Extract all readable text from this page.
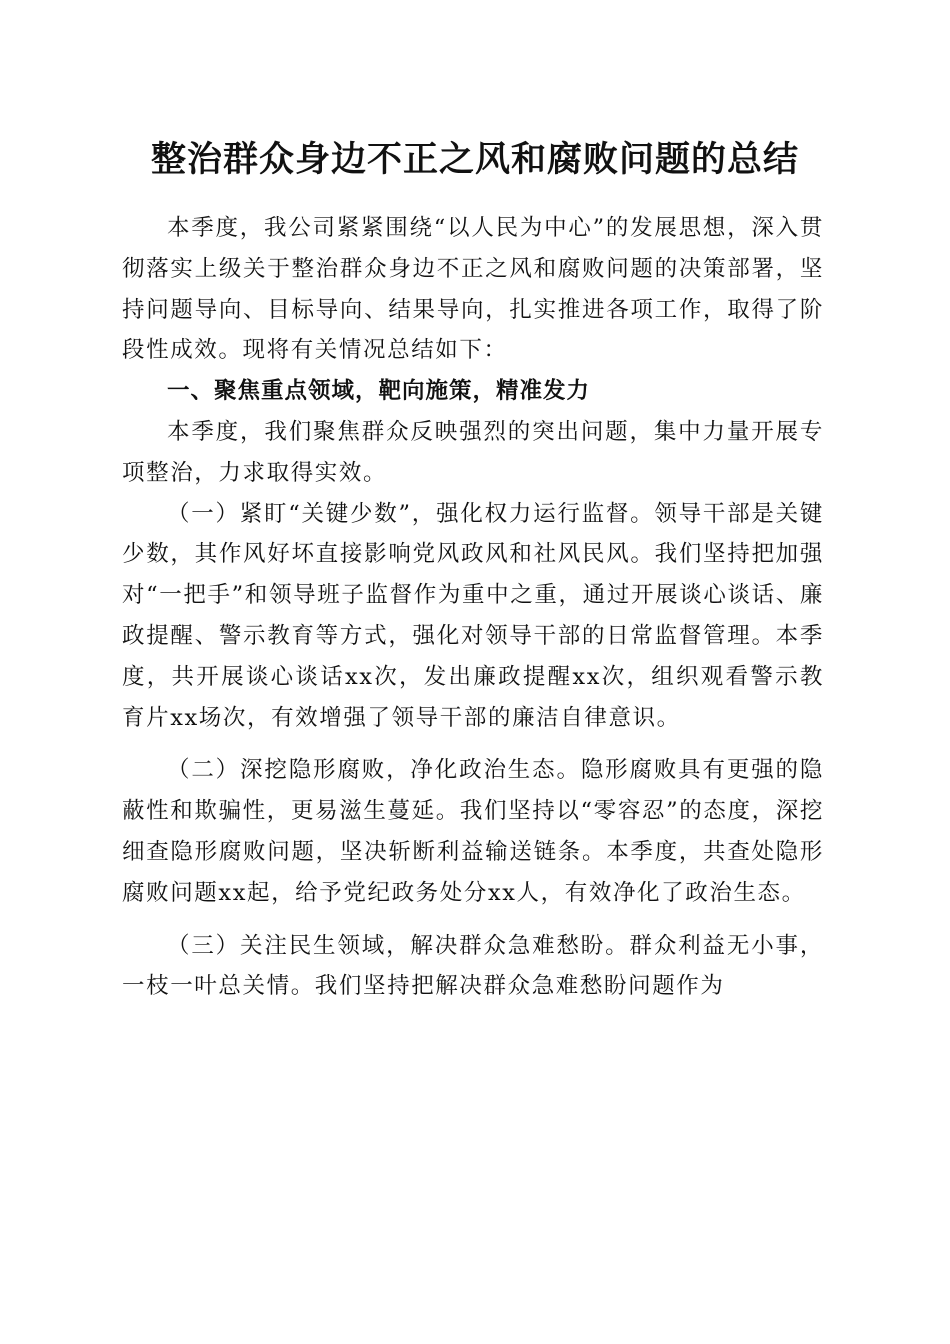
整治群众身边不正之风和腐败问题的总结

本季度，我公司紧紧围绕“以人民为中心”的发展思想，深入贯彻落实上级关于整治群众身边不正之风和腐败问题的决策部署，坚持问题导向、目标导向、结果导向，扎实推进各项工作，取得了阶段性成效。现将有关情况总结如下：

一、聚焦重点领域，靶向施策，精准发力

本季度，我们聚焦群众反映强烈的突出问题，集中力量开展专项整治，力求取得实效。

（一）紧盯“关键少数”，强化权力运行监督。领导干部是关键少数，其作风好坏直接影响党风政风和社风民风。我们坚持把加强对“一把手”和领导班子监督作为重中之重，通过开展谈心谈话、廉政提醒、警示教育等方式，强化对领导干部的日常监督管理。本季度，共开展谈心谈话xx次，发出廉政提醒xx次，组织观看警示教育片xx场次，有效增强了领导干部的廉洁自律意识。

（二）深挖隐形腐败，净化政治生态。隐形腐败具有更强的隐蔽性和欺骗性，更易滋生蔓延。我们坚持以“零容忍”的态度，深挖细查隐形腐败问题，坚决斩断利益输送链条。本季度，共查处隐形腐败问题xx起，给予党纪政务处分xx人，有效净化了政治生态。

（三）关注民生领域，解决群众急难愁盼。群众利益无小事，一枝一叶总关情。我们坚持把解决群众急难愁盼问题作为
